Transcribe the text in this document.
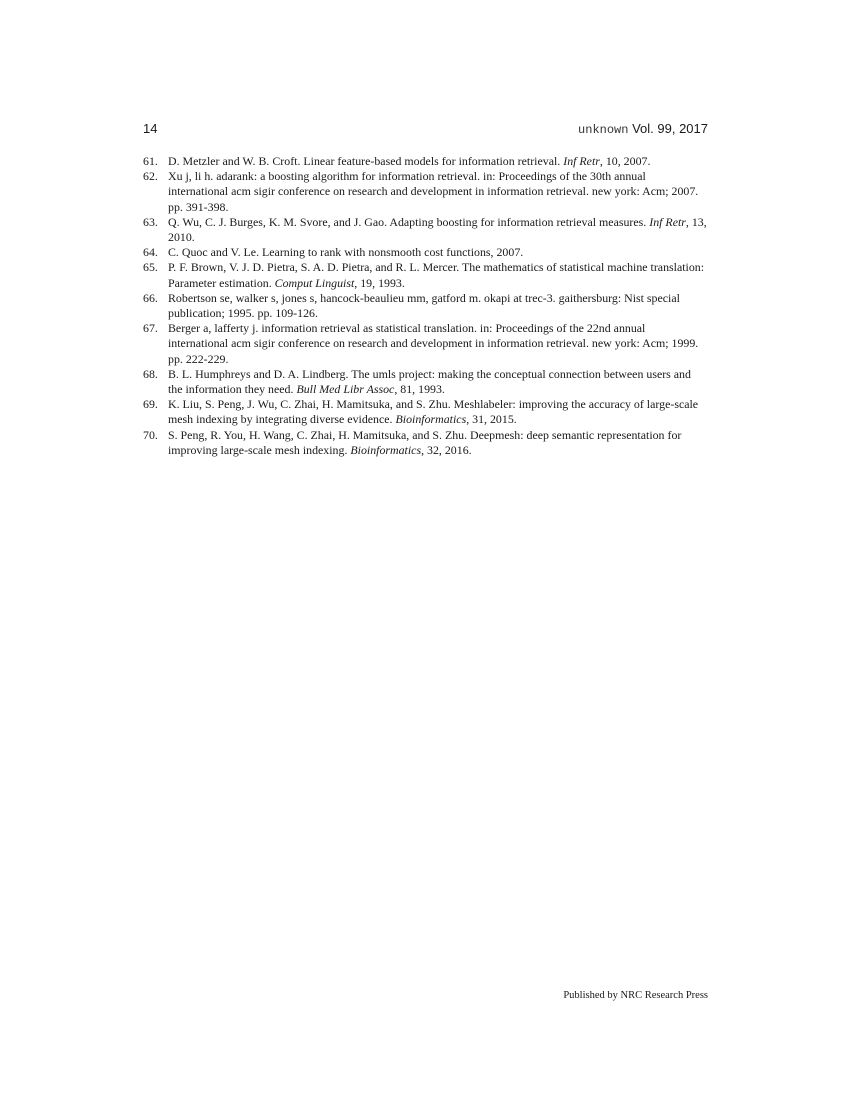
14	unknown Vol. 99, 2017
61. D. Metzler and W. B. Croft. Linear feature-based models for information retrieval. Inf Retr, 10, 2007.
62. Xu j, li h. adarank: a boosting algorithm for information retrieval. in: Proceedings of the 30th annual international acm sigir conference on research and development in information retrieval. new york: Acm; 2007. pp. 391-398.
63. Q. Wu, C. J. Burges, K. M. Svore, and J. Gao. Adapting boosting for information retrieval measures. Inf Retr, 13, 2010.
64. C. Quoc and V. Le. Learning to rank with nonsmooth cost functions, 2007.
65. P. F. Brown, V. J. D. Pietra, S. A. D. Pietra, and R. L. Mercer. The mathematics of statistical machine translation: Parameter estimation. Comput Linguist, 19, 1993.
66. Robertson se, walker s, jones s, hancock-beaulieu mm, gatford m. okapi at trec-3. gaithersburg: Nist special publication; 1995. pp. 109-126.
67. Berger a, lafferty j. information retrieval as statistical translation. in: Proceedings of the 22nd annual international acm sigir conference on research and development in information retrieval. new york: Acm; 1999. pp. 222-229.
68. B. L. Humphreys and D. A. Lindberg. The umls project: making the conceptual connection between users and the information they need. Bull Med Libr Assoc, 81, 1993.
69. K. Liu, S. Peng, J. Wu, C. Zhai, H. Mamitsuka, and S. Zhu. Meshlabeler: improving the accuracy of large-scale mesh indexing by integrating diverse evidence. Bioinformatics, 31, 2015.
70. S. Peng, R. You, H. Wang, C. Zhai, H. Mamitsuka, and S. Zhu. Deepmesh: deep semantic representation for improving large-scale mesh indexing. Bioinformatics, 32, 2016.
Published by NRC Research Press
